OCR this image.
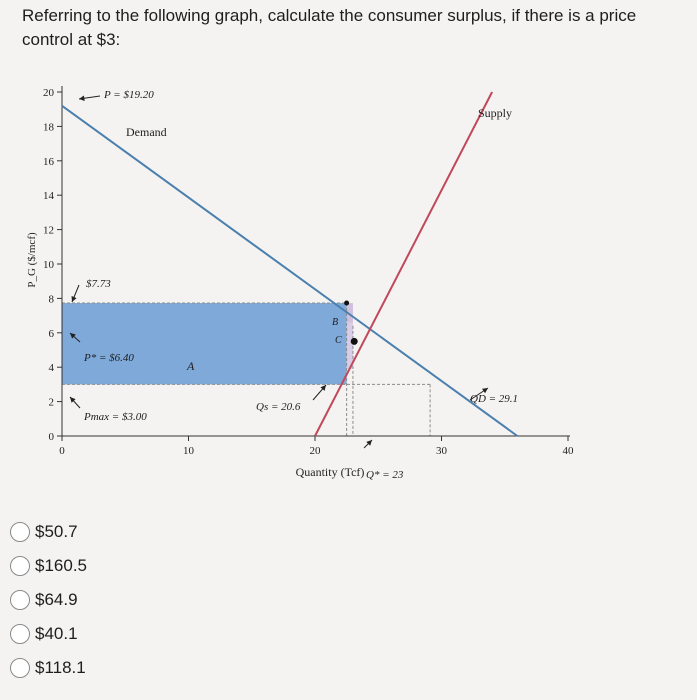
Referring to the following graph, calculate the consumer surplus, if there is a price control at $3:
0
2
4
6
8
10
12
14
16
18
20
0	10	20	30	40
P_G ($/mcf)
Quantity (Tcf)
P = $19.20
Demand
Supply
$7.73
P* = $6.40
Pmax = $3.00
A
B
C
Qs = 20.6
QD = 29.1
Q* = 23
$50.7
$160.5
$64.9
$40.1
$118.1
